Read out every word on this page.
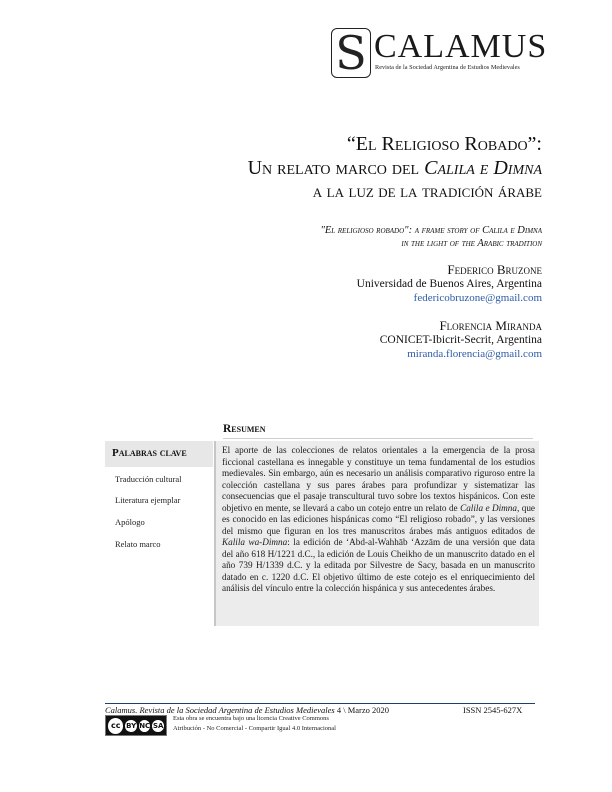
S CALAMUS
Revista de la Sociedad Argentina de Estudios Medievales
“El Religioso Robado”:
Un relato marco del Calila e Dimna
a la luz de la tradición árabe
"El religioso robado": a frame story of Calila e Dimna
in the light of the Arabic tradition
Federico Bruzone
Universidad de Buenos Aires, Argentina
federicobruzone@gmail.com
Florencia Miranda
CONICET-Ibicrit-Secrit, Argentina
miranda.florencia@gmail.com
Resumen
Palabras clave
Traducción cultural
Literatura ejemplar
Apólogo
Relato marco
El aporte de las colecciones de relatos orientales a la emergencia de la prosa ficcional castellana es innegable y constituye un tema fundamental de los estudios medievales. Sin embargo, aún es necesario un análisis comparativo riguroso entre la colección castellana y sus pares árabes para profundizar y sistematizar las consecuencias que el pasaje transcultural tuvo sobre los textos hispánicos. Con este objetivo en mente, se llevará a cabo un cotejo entre un relato de Calila e Dimna, que es conocido en las ediciones hispánicas como “El religioso robado”, y las versiones del mismo que figuran en los tres manuscritos árabes más antiguos editados de Kalila wa-Dimna: la edición de ʻAbd-al-Wahhāb ʻAzzām de una versión que data del año 618 H/1221 d.C., la edición de Louis Cheikho de un manuscrito datado en el año 739 H/1339 d.C. y la editada por Silvestre de Sacy, basada en un manuscrito datado en c. 1220 d.C. El objetivo último de este cotejo es el enriquecimiento del análisis del vínculo entre la colección hispánica y sus antecedentes árabes.
Calamus. Revista de la Sociedad Argentina de Estudios Medievales 4 \ Marzo 2020	ISSN 2545-627X
cc BY NC SA
Esta obra se encuentra bajo una licencia Creative Commons
Atribución - No Comercial - Compartir Igual 4.0 Internacional
